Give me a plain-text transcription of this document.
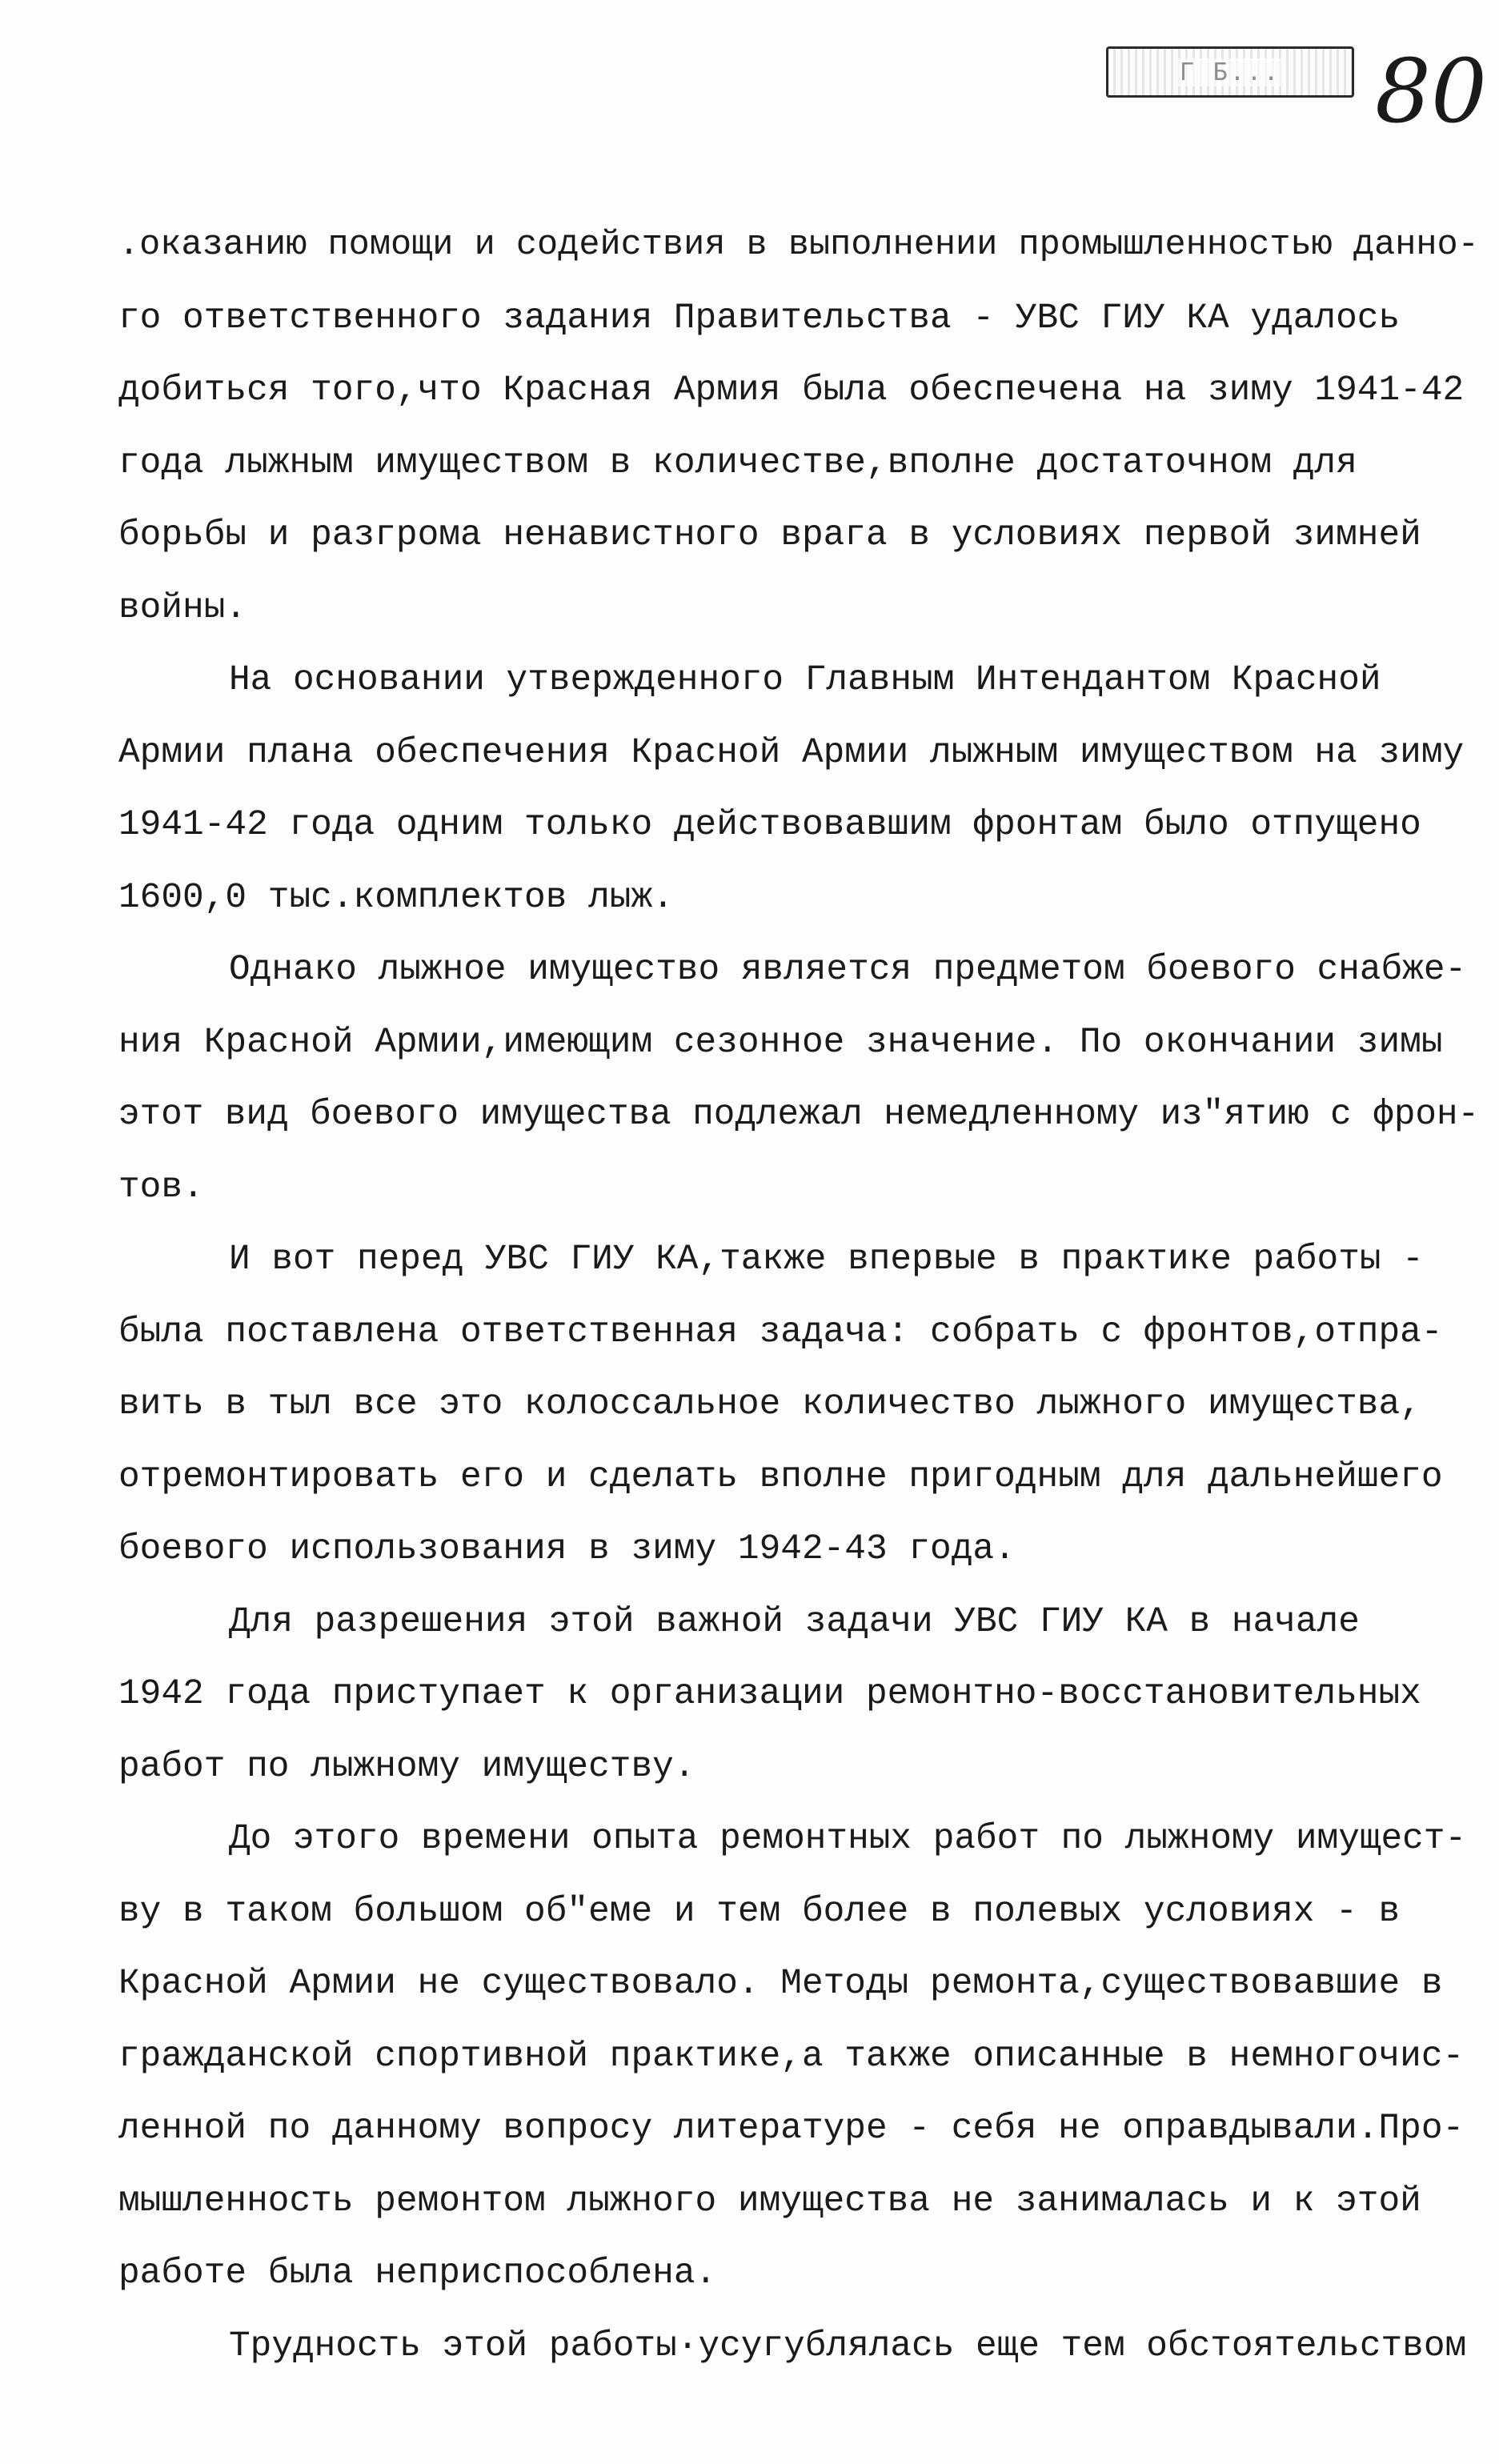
Г Б... 80
.оказанию помощи и содействия в выполнении промышленностью данно-
го ответственного задания Правительства - УВС ГИУ КА удалось
добиться того,что Красная Армия была обеспечена на зиму 1941-42
года лыжным имуществом в количестве,вполне достаточном для
борьбы и разгрома ненавистного врага в условиях первой зимней
войны.
На основании утвержденного Главным Интендантом Красной
Армии плана обеспечения Красной Армии лыжным имуществом на зиму
1941-42 года одним только действовавшим фронтам было отпущено
1600,0 тыс.комплектов лыж.
Однако лыжное имущество является предметом боевого снабже-
ния Красной Армии,имеющим сезонное значение. По окончании зимы
этот вид боевого имущества подлежал немедленному из"ятию с фрон-
тов.
И вот перед УВС ГИУ КА,также впервые в практике работы -
была поставлена ответственная задача: собрать с фронтов,отпра-
вить в тыл все это колоссальное количество лыжного имущества,
отремонтировать его и сделать вполне пригодным для дальнейшего
боевого использования в зиму 1942-43 года.
Для разрешения этой важной задачи УВС ГИУ КА в начале
1942 года приступает к организации ремонтно-восстановительных
работ по лыжному имуществу.
До этого времени опыта ремонтных работ по лыжному имущест-
ву в таком большом об"еме и тем более в полевых условиях - в
Красной Армии не существовало. Методы ремонта,существовавшие в
гражданской спортивной практике,а также описанные в немногочис-
ленной по данному вопросу литературе - себя не оправдывали.Про-
мышленность ремонтом лыжного имущества не занималась и к этой
работе была неприспособлена.
Трудность этой работы·усугублялась еще тем обстоятельством
